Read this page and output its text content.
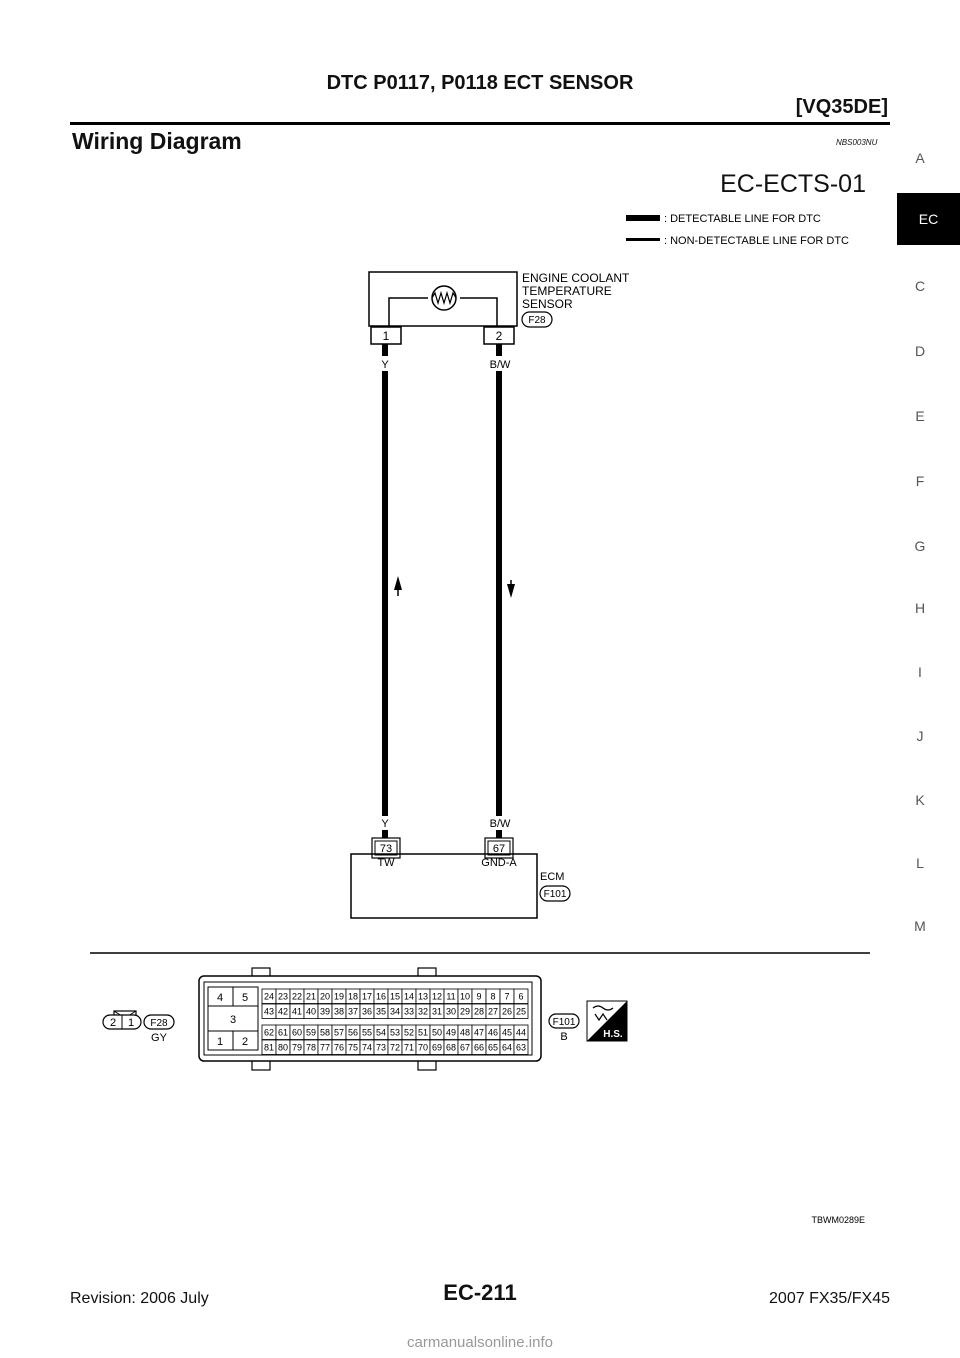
DTC P0117, P0118 ECT SENSOR
[VQ35DE]
Wiring Diagram	NBS003NU
EC-ECTS-01
A
EC
C
D
E
F
G
H
I
J
K
L
M
: DETECTABLE LINE FOR DTC
: NON-DETECTABLE LINE FOR DTC
1	2
ENGINE COOLANT
TEMPERATURE
SENSOR
F28
Y	B/W
Y	B/W
73	67
TW	GND-A
ECM
F101
2 1 F28
GY
4 5
3
1 2
24 23 22 21 20 19 18 17 16 15 14 13 12 11 10 9 8 7 6
43 42 41 40 39 38 37 36 35 34 33 32 31 30 29 28 27 26 25
62 61 60 59 58 57 56 55 54 53 52 51 50 49 48 47 46 45 44
81 80 79 78 77 76 75 74 73 72 71 70 69 68 67 66 65 64 63
F101
B	H.S.
TBWM0289E
Revision: 2006 July	EC-211	2007 FX35/FX45
carmanualsonline.info
